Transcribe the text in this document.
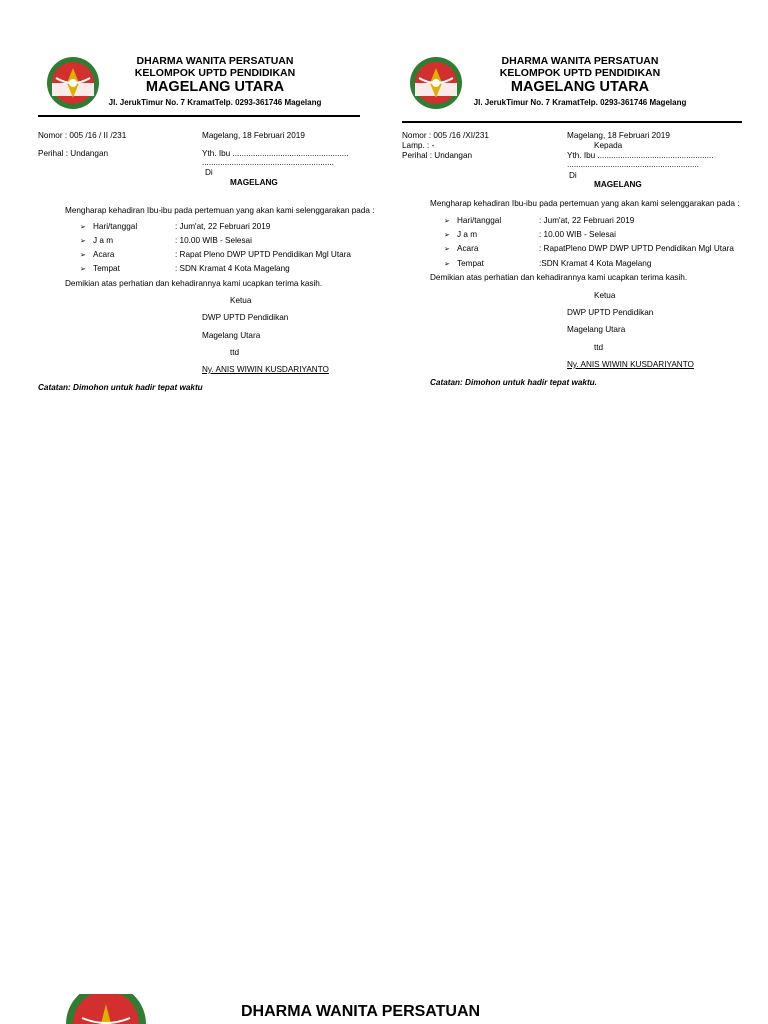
DHARMA WANITA PERSATUAN
KELOMPOK UPTD PENDIDIKAN
MAGELANG UTARA
Jl. JerukTimur No. 7 KramatTelp. 0293-361746 Magelang
Nomor : 005 /16 / II /231
Perihal : Undangan
Magelang, 18 Februari 2019
Yth. Ibu ...................................................
..........................................................
Di
MAGELANG
Mengharap kehadiran Ibu-ibu pada pertemuan yang akan kami selenggarakan pada :
➢ Hari/tanggal	: Jum'at, 22 Februari 2019
➢ J a m	: 10.00 WIB - Selesai
➢ Acara	: Rapat Pleno DWP UPTD Pendidikan Mgl Utara
➢ Tempat	: SDN Kramat 4 Kota Magelang
Demikian atas perhatian dan kehadirannya kami ucapkan terima kasih.
Ketua
DWP UPTD Pendidikan
Magelang Utara
ttd
Ny. ANIS WIWIN KUSDARIYANTO
Catatan: Dimohon untuk hadir tepat waktu
DHARMA WANITA PERSATUAN
KELOMPOK UPTD PENDIDIKAN
MAGELANG UTARA
Jl. JerukTimur No. 7 KramatTelp. 0293-361746 Magelang
Nomor : 005 /16 /XI/231
Lamp. : -
Perihal : Undangan
Magelang, 18 Februari 2019
Kepada
Yth. Ibu ...................................................
..........................................................
Di
MAGELANG
Mengharap kehadiran Ibu-ibu pada pertemuan yang akan kami selenggarakan pada :
➢ Hari/tanggal	: Jum'at, 22 Februari 2019
➢ J a m	: 10.00 WIB - Selesai
➢ Acara	: RapatPleno DWP DWP UPTD Pendidikan Mgl Utara
➢ Tempat	:SDN Kramat 4 Kota Magelang
Demikian atas perhatian dan kehadirannya kami ucapkan terima kasih.
Ketua
DWP UPTD Pendidikan
Magelang Utara
ttd
Ny. ANIS WIWIN KUSDARIYANTO
Catatan: Dimohon untuk hadir tepat waktu.
DHARMA WANITA PERSATUAN
